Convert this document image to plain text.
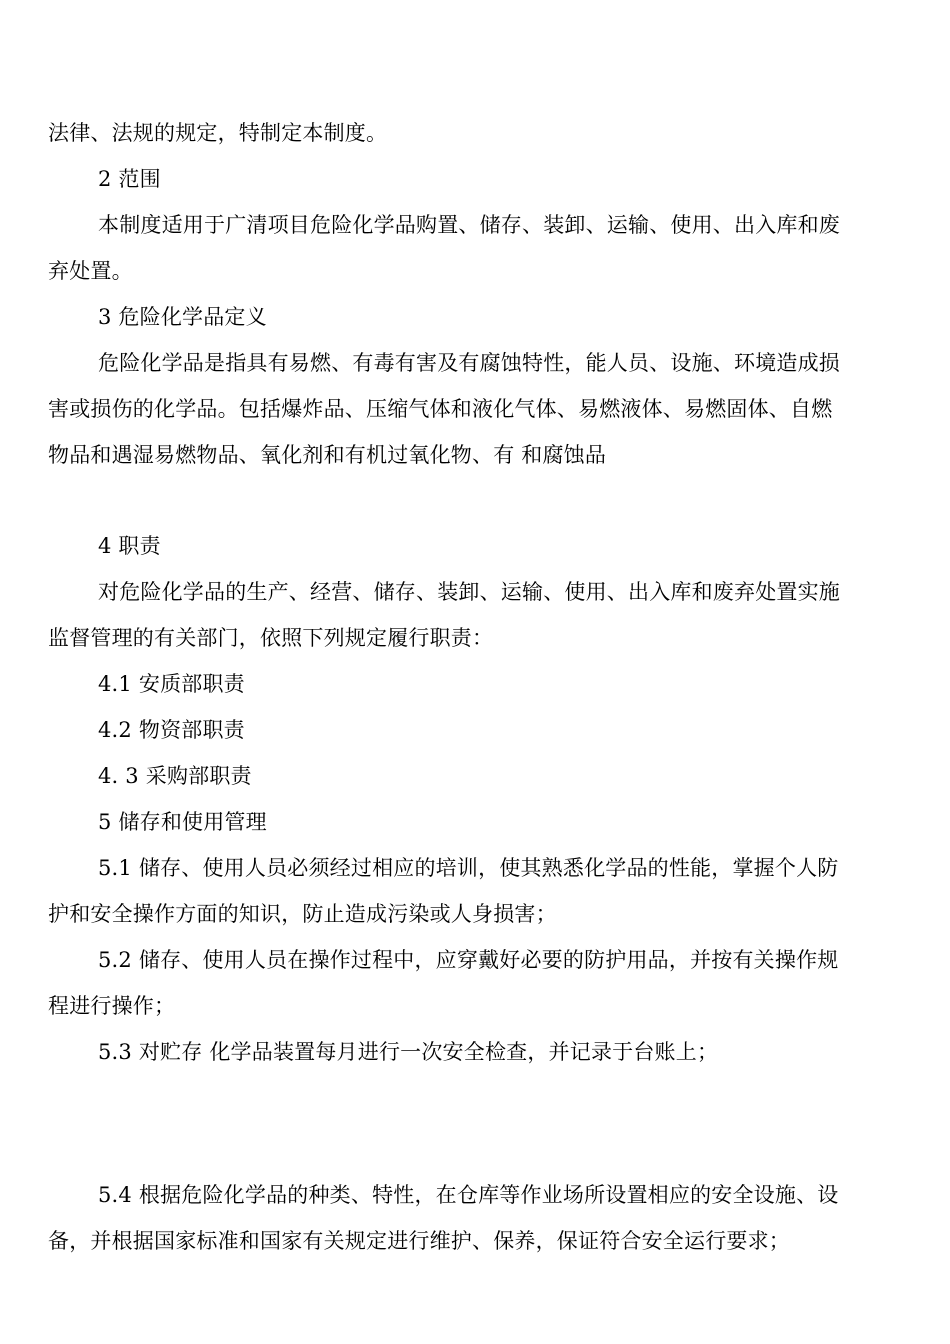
法律、法规的规定，特制定本制度。

2 范围

本制度适用于广清项目危险化学品购置、储存、装卸、运输、使用、出入库和废

弃处置。

3 危险化学品定义

危险化学品是指具有易燃、有毒有害及有腐蚀特性，能人员、设施、环境造成损

害或损伤的化学品。包括爆炸品、压缩气体和液化气体、易燃液体、易燃固体、自燃

物品和遇湿易燃物品、氧化剂和有机过氧化物、有 和腐蚀品

4 职责

对危险化学品的生产、经营、储存、装卸、运输、使用、出入库和废弃处置实施

监督管理的有关部门，依照下列规定履行职责：

4.1 安质部职责

4.2 物资部职责

4. 3 采购部职责

5 储存和使用管理

5.1 储存、使用人员必须经过相应的培训，使其熟悉化学品的性能，掌握个人防

护和安全操作方面的知识，防止造成污染或人身损害；

5.2 储存、使用人员在操作过程中，应穿戴好必要的防护用品，并按有关操作规

程进行操作；

5.3 对贮存 化学品装置每月进行一次安全检查，并记录于台账上；

5.4 根据危险化学品的种类、特性，在仓库等作业场所设置相应的安全设施、设

备，并根据国家标准和国家有关规定进行维护、保养，保证符合安全运行要求；
